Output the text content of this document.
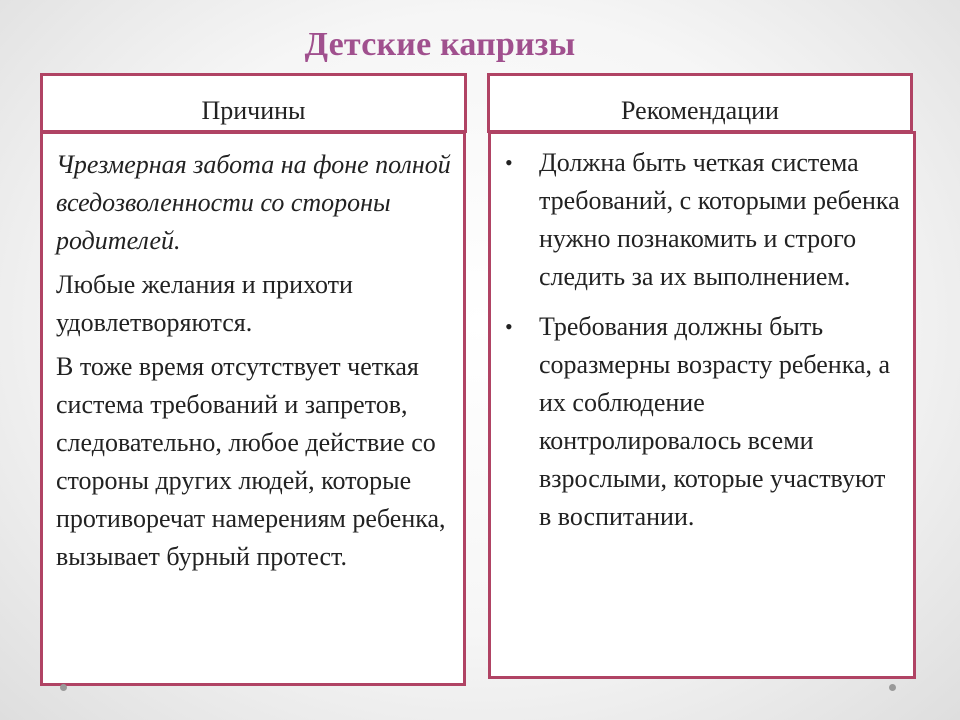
Детские капризы
Причины	Рекомендации

Чрезмерная забота на фоне полной вседозволенности со стороны родителей.

Любые желания и прихоти удовлетворяются.

В тоже время отсутствует четкая система требований и запретов, следовательно, любое действие со стороны других людей, которые противоречат намерениям ребенка, вызывает бурный протест.

• Должна быть четкая система требований, с которыми ребенка нужно познакомить и строго следить за их выполнением.
• Требования должны быть соразмерны возрасту ребенка, а их соблюдение контролировалось всеми взрослыми, которые участвуют в воспитании.
